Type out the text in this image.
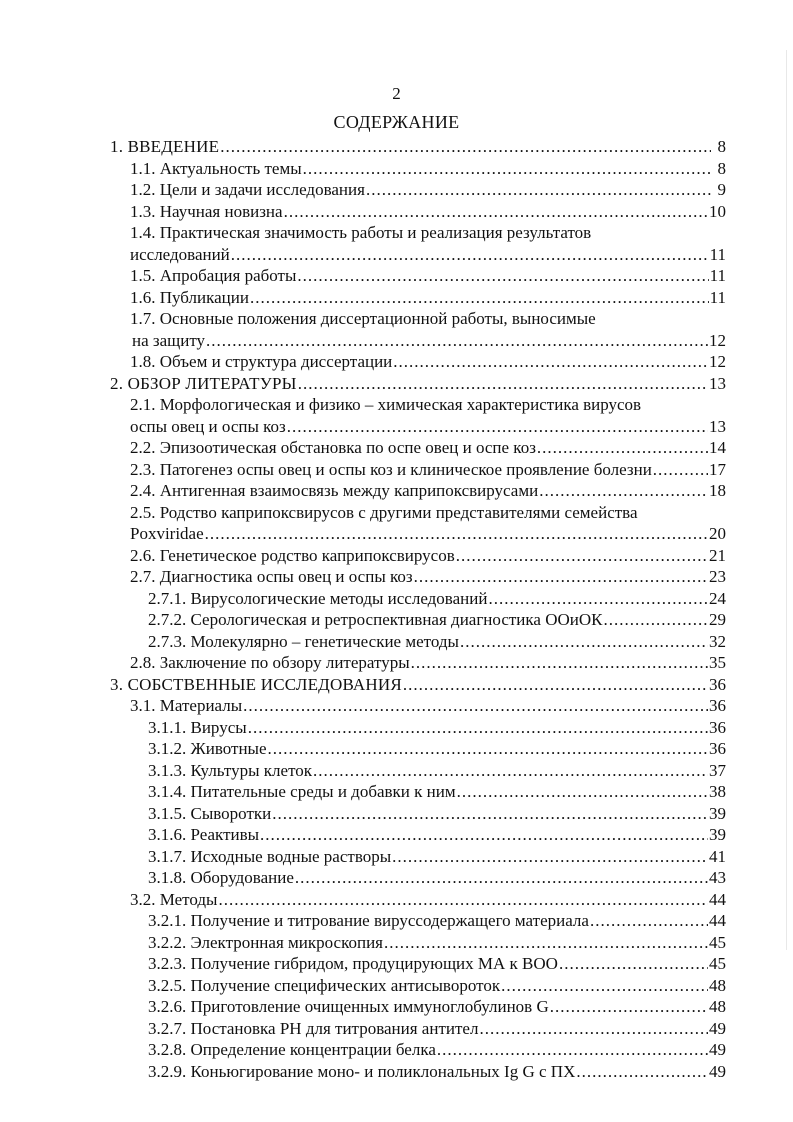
2
СОДЕРЖАНИЕ
1. ВВЕДЕНИЕ .....	8
1.1. Актуальность темы .....	8
1.2. Цели и задачи исследования .....	9
1.3. Научная новизна .....	10
1.4. Практическая значимость работы и реализация результатов
исследований .....	11
1.5. Апробация работы .....	11
1.6. Публикации .....	11
1.7. Основные положения диссертационной работы, выносимые
на защиту .....	12
1.8. Объем и структура диссертации .....	12
2. ОБЗОР ЛИТЕРАТУРЫ .....	13
2.1. Морфологическая и физико – химическая характеристика вирусов
оспы овец и оспы коз .....	13
2.2. Эпизоотическая обстановка по оспе овец и оспе коз .....	14
2.3. Патогенез оспы овец и оспы коз и клиническое проявление болезни .....	17
2.4. Антигенная взаимосвязь между каприпоксвирусами .....	18
2.5. Родство каприпоксвирусов с другими представителями семейства
Poxviridae .....	20
2.6. Генетическое родство каприпоксвирусов .....	21
2.7. Диагностика оспы овец и оспы коз .....	23
2.7.1. Вирусологические методы исследований .....	24
2.7.2. Серологическая и ретроспективная диагностика ООиОК .....	29
2.7.3. Молекулярно – генетические методы .....	32
2.8. Заключение по обзору литературы .....	35
3. СОБСТВЕННЫЕ ИССЛЕДОВАНИЯ .....	36
3.1. Материалы .....	36
3.1.1. Вирусы .....	36
3.1.2. Животные .....	36
3.1.3. Культуры клеток .....	37
3.1.4. Питательные среды и добавки к ним .....	38
3.1.5. Сыворотки .....	39
3.1.6. Реактивы .....	39
3.1.7. Исходные водные растворы .....	41
3.1.8. Оборудование .....	43
3.2. Методы .....	44
3.2.1. Получение и титрование вируссодержащего материала .....	44
3.2.2. Электронная микроскопия .....	45
3.2.3. Получение гибридом, продуцирующих МА к ВОО .....	45
3.2.5. Получение специфических антисывороток .....	48
3.2.6. Приготовление очищенных иммуноглобулинов G .....	48
3.2.7. Постановка РН для титрования антител .....	49
3.2.8. Определение концентрации белка .....	49
3.2.9. Коньюгирование моно- и поликлональных Ig G с ПХ .....	49
